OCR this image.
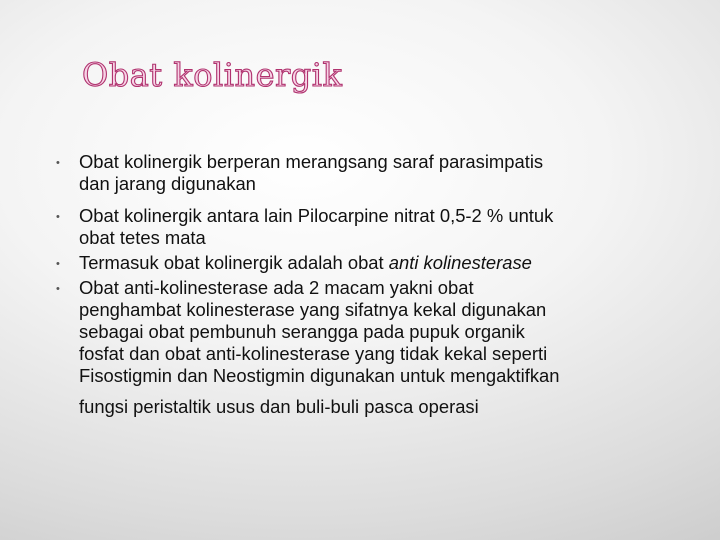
Obat kolinergik
• Obat kolinergik berperan merangsang saraf parasimpatis
dan jarang digunakan
• Obat kolinergik antara lain Pilocarpine nitrat 0,5-2 % untuk
obat tetes mata
• Termasuk obat kolinergik adalah obat anti kolinesterase
• Obat anti-kolinesterase ada 2 macam yakni obat
penghambat kolinesterase yang sifatnya kekal digunakan
sebagai obat pembunuh serangga pada pupuk organik
fosfat dan obat anti-kolinesterase yang tidak kekal seperti
Fisostigmin dan Neostigmin digunakan untuk mengaktifkan
fungsi peristaltik usus dan buli-buli pasca operasi
